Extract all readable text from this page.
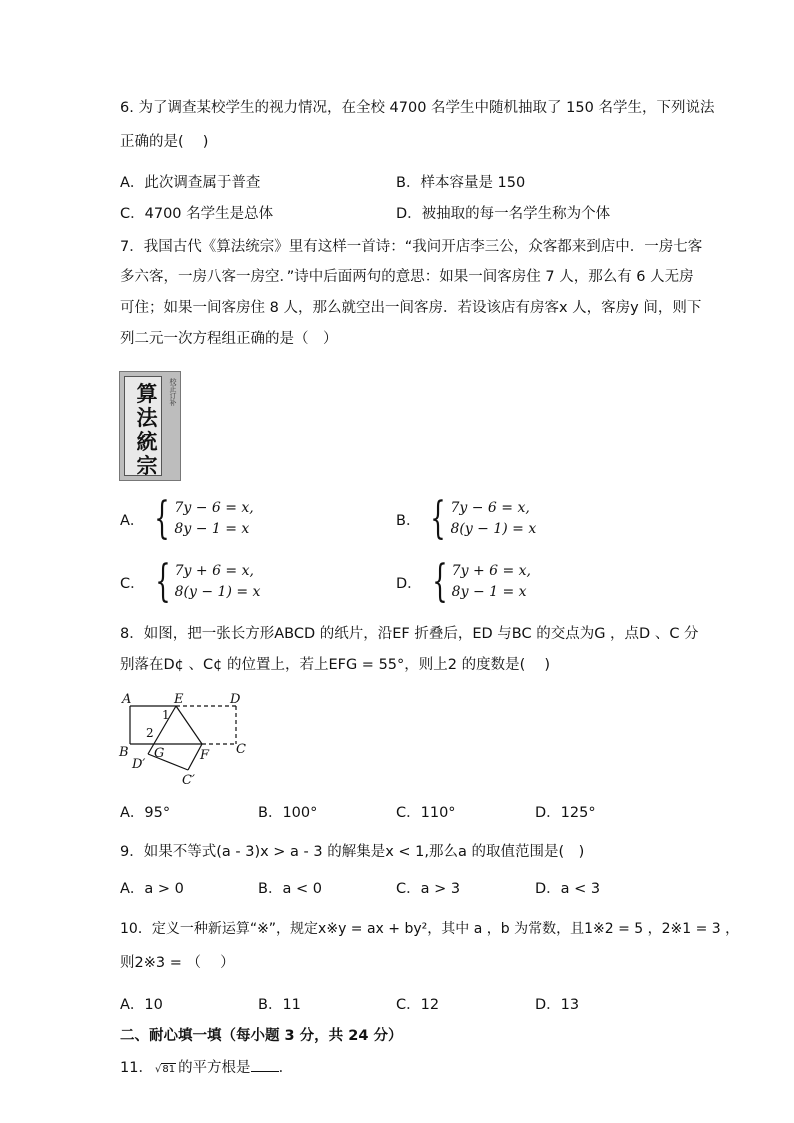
6. 为了调查某校学生的视力情况，在全校 4700 名学生中随机抽取了 150 名学生，下列说法
正确的是(　 )
A．此次调查属于普查	B．样本容量是 150
C．4700 名学生是总体	D．被抽取的每一名学生称为个体
7．我国古代《算法统宗》里有这样一首诗：“我问开店李三公，众客都来到店中．一房七客
多六客，一房八客一房空．”诗中后面两句的意思：如果一间客房住 7 人，那么有 6 人无房
可住；如果一间客房住 8 人，那么就空出一间客房．若设该店有房客x 人，客房y 间，则下
列二元一次方程组正确的是（　）
算法統宗
校正订补
A． { 7y − 6 = x,
8y − 1 = x
B． { 7y − 6 = x,
8(y − 1) = x
C． { 7y + 6 = x,
8(y − 1) = x
D． { 7y + 6 = x,
8y − 1 = x
8．如图，把一张长方形ABCD 的纸片，沿EF 折叠后，ED 与BC 的交点为G ，点D 、C 分
别落在D¢ 、C¢ 的位置上，若上EFG = 55°，则上2 的度数是(　 )
A	E	D
B G	F C
D′
C′
1
2
A．95°	B．100°	C．110°	D．125°
9．如果不等式(a - 3)x > a - 3 的解集是x < 1,那么a 的取值范围是(　)
A．a > 0	B．a < 0	C．a > 3	D．a < 3
10．定义一种新运算“※”，规定x※y = ax + by²，其中 a ，b 为常数，且1※2 = 5 ，2※1 = 3 ，
则2※3 = （　 ）
A．10	B．11	C．12	D．13
二、耐心填一填（每小题 3 分，共 24 分）
11． √81 的平方根是 ．
